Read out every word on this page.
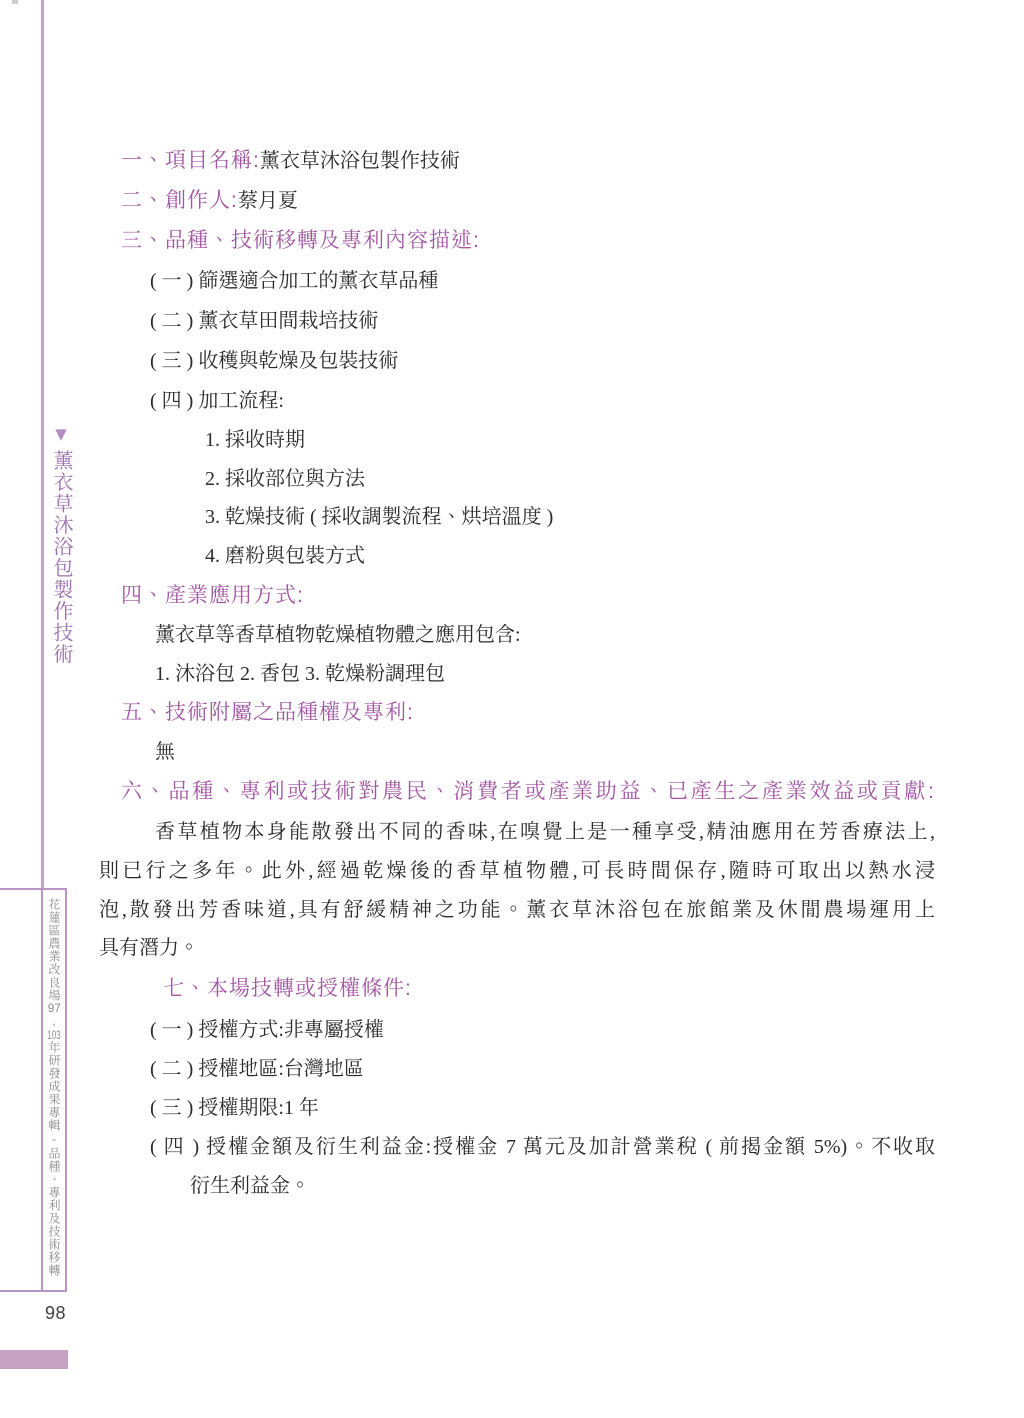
▼
薰衣草沐浴包製作技術
花蓮區農業改良場97,103年研發成果專輯-品種、專利及技術移轉
98
一、項目名稱:薰衣草沐浴包製作技術
二、創作人:蔡月夏
三、品種、技術移轉及專利內容描述:
( 一 ) 篩選適合加工的薰衣草品種
( 二 ) 薰衣草田間栽培技術
( 三 ) 收穫與乾燥及包裝技術
( 四 ) 加工流程:
1. 採收時期
2. 採收部位與方法
3. 乾燥技術 ( 採收調製流程、烘培溫度 )
4. 磨粉與包裝方式
四、產業應用方式:
薰衣草等香草植物乾燥植物體之應用包含:
1. 沐浴包 2. 香包 3. 乾燥粉調理包
五、技術附屬之品種權及專利:
無
六、品種、專利或技術對農民、消費者或產業助益、已產生之產業效益或貢獻:
香草植物本身能散發出不同的香味,在嗅覺上是一種享受,精油應用在芳香療法上,
則已行之多年。此外,經過乾燥後的香草植物體,可長時間保存,隨時可取出以熱水浸
泡,散發出芳香味道,具有舒緩精神之功能。薰衣草沐浴包在旅館業及休閒農場運用上
具有潛力。
七、本場技轉或授權條件:
( 一 ) 授權方式:非專屬授權
( 二 ) 授權地區:台灣地區
( 三 ) 授權期限:1 年
( 四 ) 授權金額及衍生利益金:授權金 7 萬元及加計營業稅 ( 前揭金額 5%)。不收取
衍生利益金。
